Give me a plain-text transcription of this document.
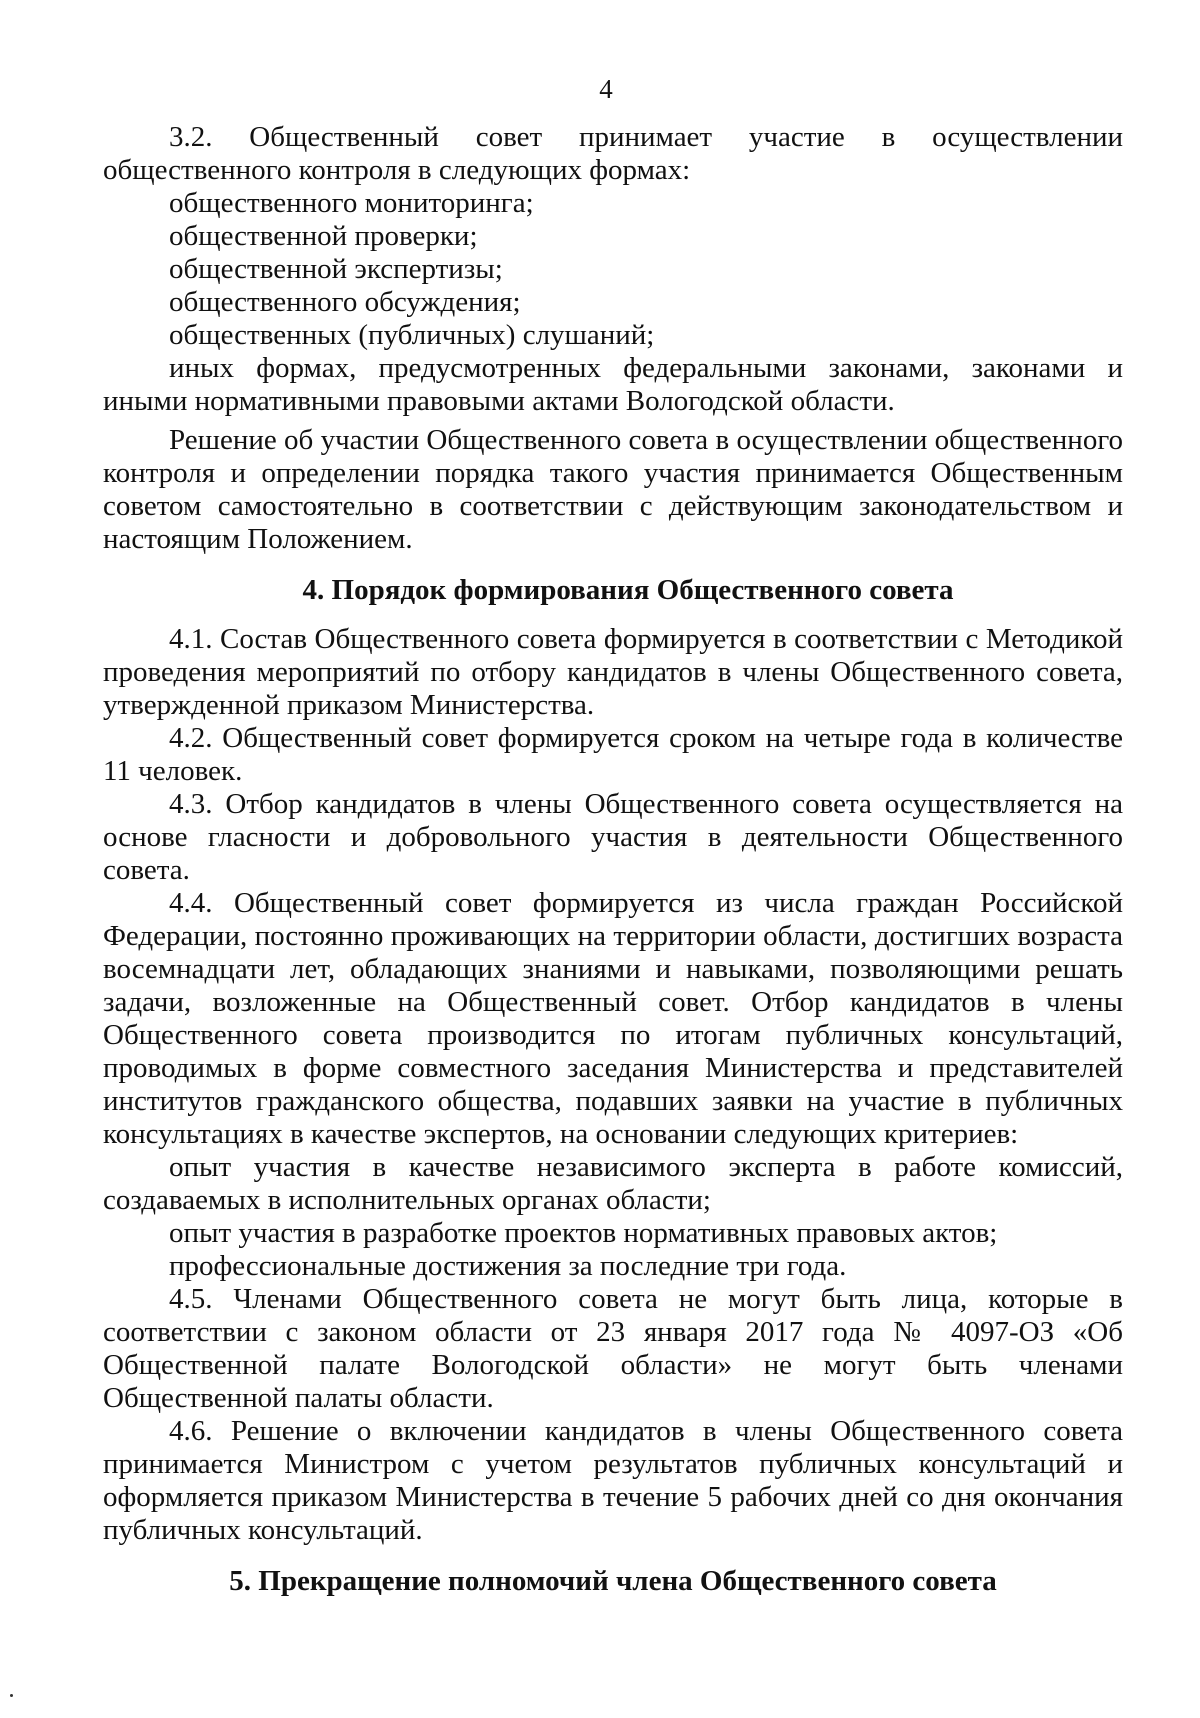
4

3.2. Общественный совет принимает участие в осуществлении общественного контроля в следующих формах:

общественного мониторинга;

общественной проверки;

общественной экспертизы;

общественного обсуждения;

общественных (публичных) слушаний;

иных формах, предусмотренных федеральными законами, законами и иными нормативными правовыми актами Вологодской области.

Решение об участии Общественного совета в осуществлении общественного контроля и определении порядка такого участия принимается Общественным советом самостоятельно в соответствии с действующим законодательством и настоящим Положением.

4. Порядок формирования Общественного совета

4.1. Состав Общественного совета формируется в соответствии с Методикой проведения мероприятий по отбору кандидатов в члены Общественного совета, утвержденной приказом Министерства.

4.2. Общественный совет формируется сроком на четыре года в количестве 11 человек.

4.3. Отбор кандидатов в члены Общественного совета осуществляется на основе гласности и добровольного участия в деятельности Общественного совета.

4.4. Общественный совет формируется из числа граждан Российской Федерации, постоянно проживающих на территории области, достигших возраста восемнадцати лет, обладающих знаниями и навыками, позволяющими решать задачи, возложенные на Общественный совет. Отбор кандидатов в члены Общественного совета производится по итогам публичных консультаций, проводимых в форме совместного заседания Министерства и представителей институтов гражданского общества, подавших заявки на участие в публичных консультациях в качестве экспертов, на основании следующих критериев:

опыт участия в качестве независимого эксперта в работе комиссий, создаваемых в исполнительных органах области;

опыт участия в разработке проектов нормативных правовых актов;

профессиональные достижения за последние три года.

4.5. Членами Общественного совета не могут быть лица, которые в соответствии с законом области от 23 января 2017 года № 4097-ОЗ «Об Общественной палате Вологодской области» не могут быть членами Общественной палаты области.

4.6. Решение о включении кандидатов в члены Общественного совета принимается Министром с учетом результатов публичных консультаций и оформляется приказом Министерства в течение 5 рабочих дней со дня окончания публичных консультаций.

5. Прекращение полномочий члена Общественного совета
